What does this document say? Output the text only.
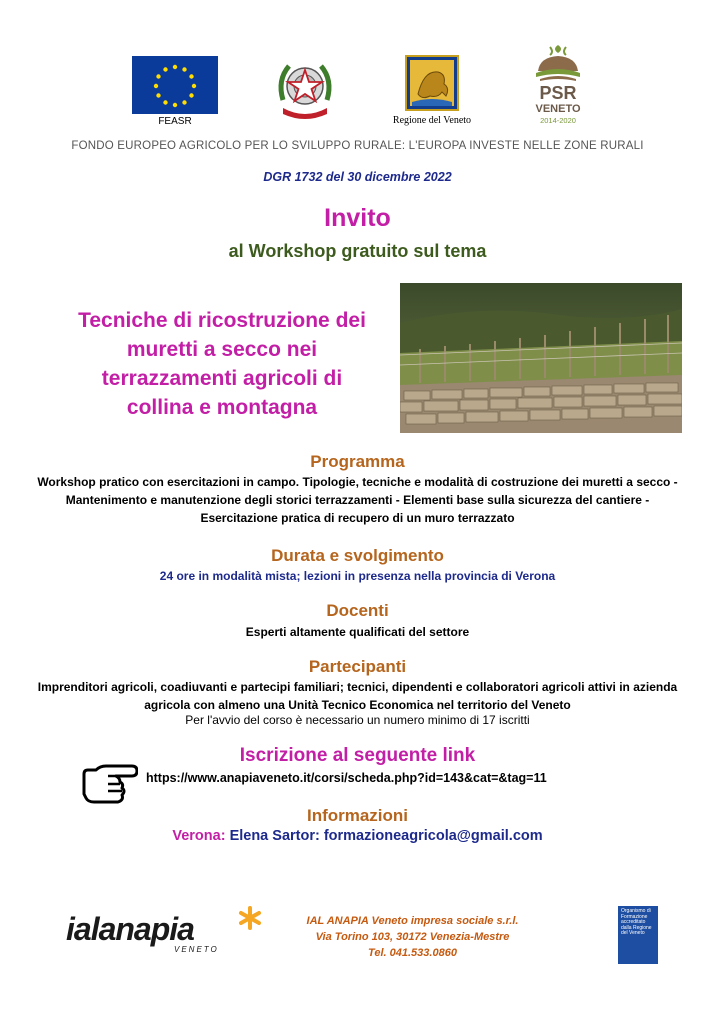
FEASR	Regione del Veneto
PSR
VENETO
2014-2020
FONDO EUROPEO AGRICOLO PER LO SVILUPPO RURALE: L'EUROPA INVESTE NELLE ZONE RURALI
DGR 1732 del 30 dicembre 2022
Invito
al Workshop gratuito sul tema
Tecniche di ricostruzione dei
muretti a secco nei
terrazzamenti agricoli di
collina e montagna
Programma
Workshop pratico con esercitazioni in campo. Tipologie, tecniche e modalità di costruzione dei muretti a secco - Mantenimento e manutenzione degli storici terrazzamenti - Elementi base sulla sicurezza del cantiere - Esercitazione pratica di recupero di un muro terrazzato
Durata e svolgimento
24 ore in modalità mista; lezioni in presenza nella provincia di Verona
Docenti
Esperti altamente qualificati del settore
Partecipanti
Imprenditori agricoli, coadiuvanti e partecipi familiari; tecnici, dipendenti e collaboratori agricoli attivi in azienda agricola con almeno una Unità Tecnico Economica nel territorio del Veneto
Per l'avvio del corso è necessario un numero minimo di 17 iscritti
Iscrizione al seguente link
https://www.anapiaveneto.it/corsi/scheda.php?id=143&cat=&tag=11
Informazioni
Verona: Elena Sartor: formazioneagricola@gmail.com
ialanapia
VENETO
IAL ANAPIA Veneto impresa sociale s.r.l.
Via Torino 103, 30172 Venezia-Mestre
Tel. 041.533.0860
Organismo di Formazione accreditato dalla Regione del Veneto
